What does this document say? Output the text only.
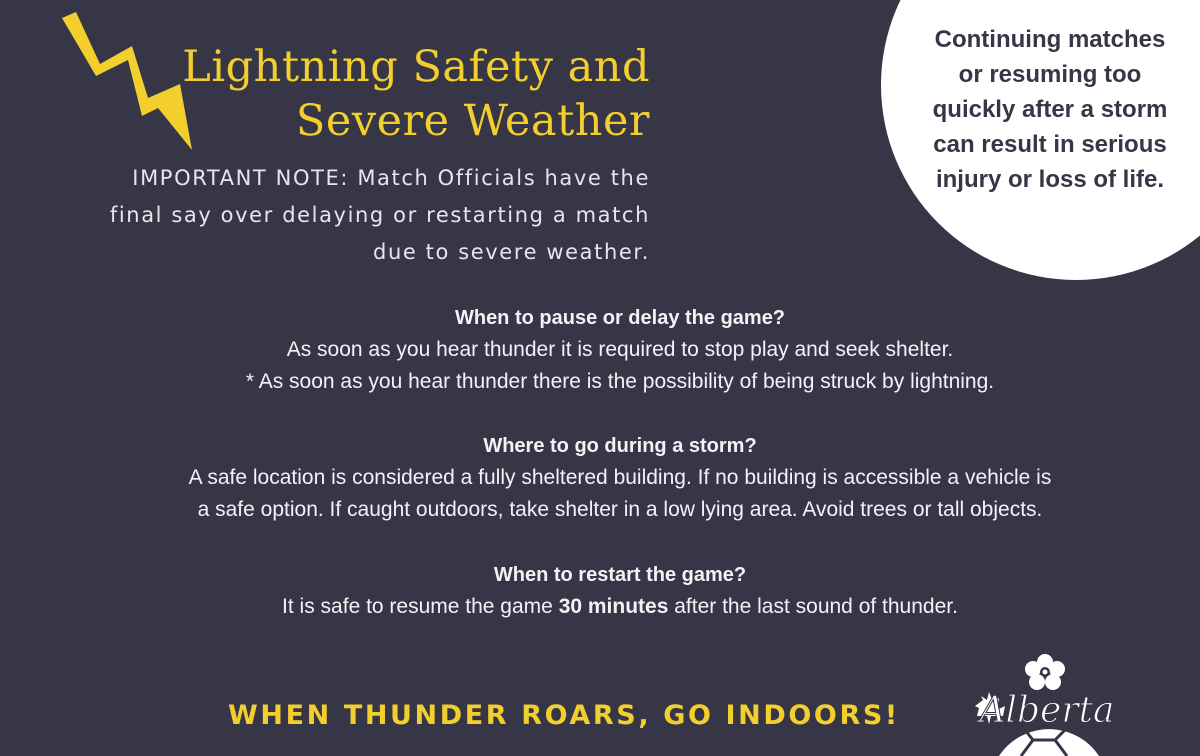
Lightning Safety and
Severe Weather
IMPORTANT NOTE: Match Officials have the
final say over delaying or restarting a match
due to severe weather.
Continuing matches
or resuming too
quickly after a storm
can result in serious
injury or loss of life.
When to pause or delay the game?
As soon as you hear thunder it is required to stop play and seek shelter.
* As soon as you hear thunder there is the possibility of being struck by lightning.
Where to go during a storm?
A safe location is considered a fully sheltered building. If no building is accessible a vehicle is
a safe option. If caught outdoors, take shelter in a low lying area. Avoid trees or tall objects.
When to restart the game?
It is safe to resume the game 30 minutes after the last sound of thunder.
WHEN THUNDER ROARS, GO INDOORS! Alberta
